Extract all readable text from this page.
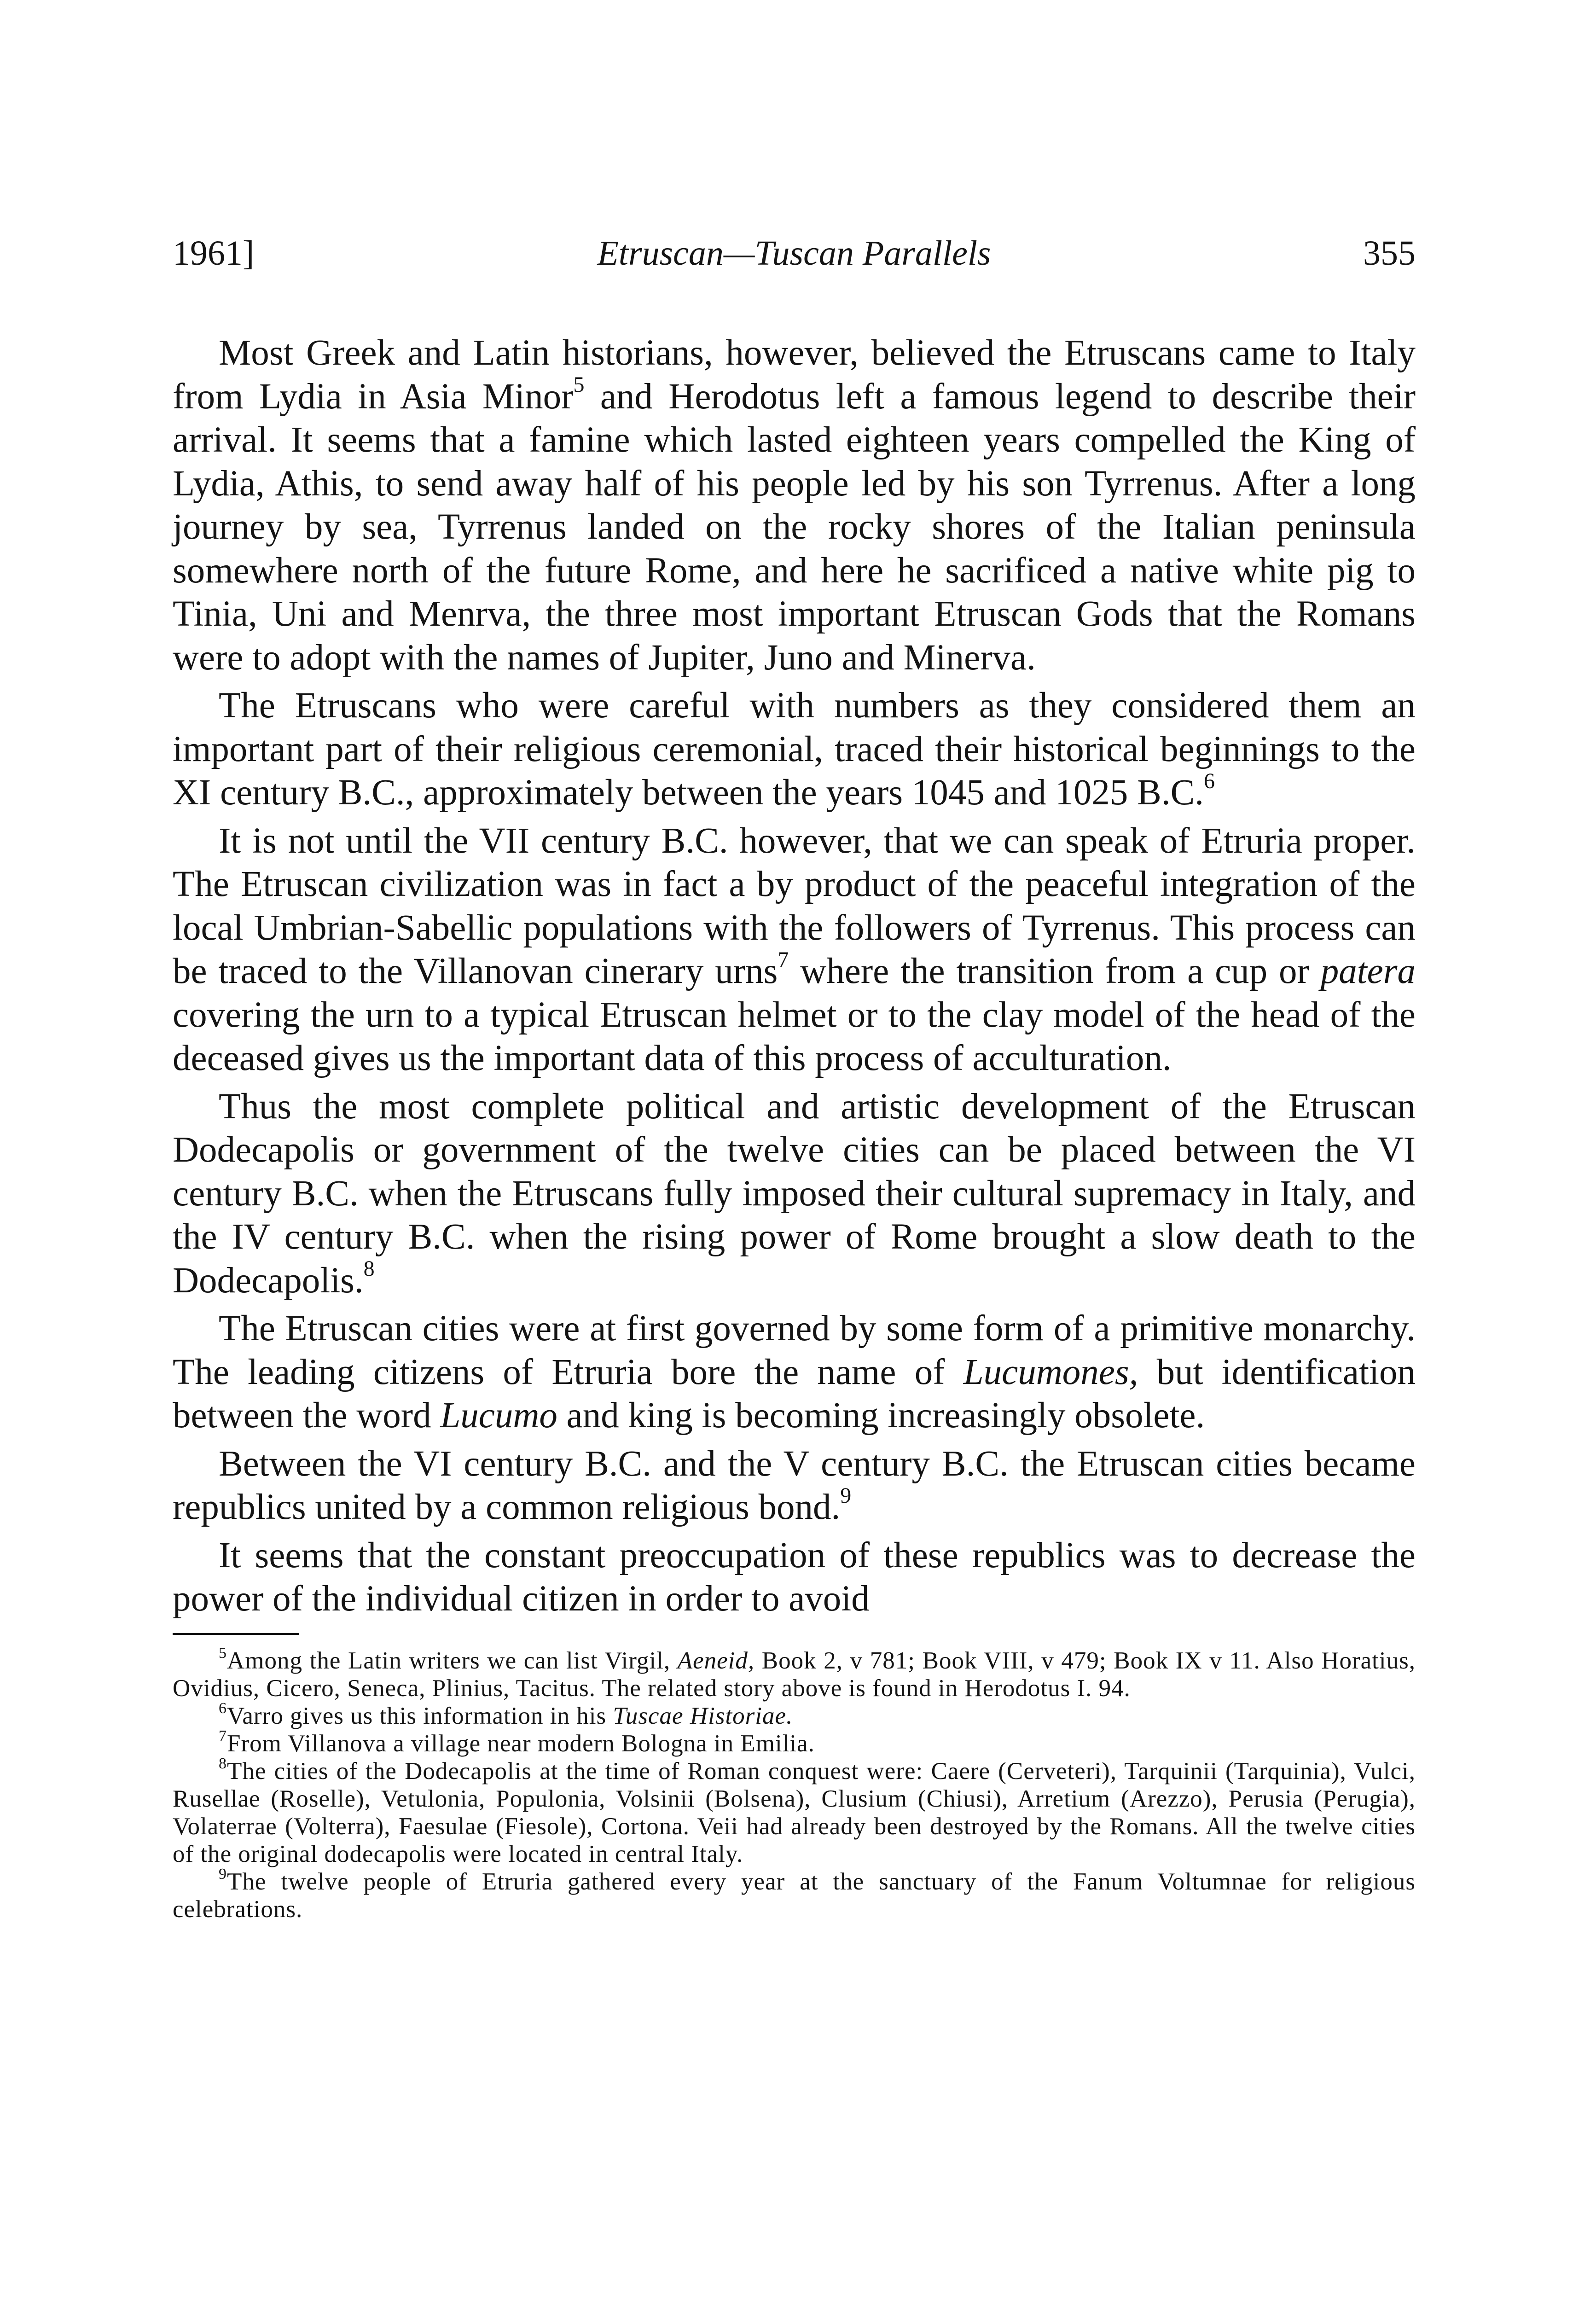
1961]	Etruscan—Tuscan Parallels	355

Most Greek and Latin historians, however, believed the Etruscans came to Italy from Lydia in Asia Minor$^5$ and Herodotus left a famous legend to describe their arrival. It seems that a famine which lasted eighteen years compelled the King of Lydia, Athis, to send away half of his people led by his son Tyrrenus. After a long journey by sea, Tyrrenus landed on the rocky shores of the Italian peninsula somewhere north of the future Rome, and here he sacrificed a native white pig to Tinia, Uni and Menrva, the three most important Etruscan Gods that the Romans were to adopt with the names of Jupiter, Juno and Minerva.

The Etruscans who were careful with numbers as they considered them an important part of their religious ceremonial, traced their historical beginnings to the XI century B.C., approximately between the years 1045 and 1025 B.C.$^6$

It is not until the VII century B.C. however, that we can speak of Etruria proper. The Etruscan civilization was in fact a by product of the peaceful integration of the local Umbrian-Sabellic populations with the followers of Tyrrenus. This process can be traced to the Villanovan cinerary urns$^7$ where the transition from a cup or patera covering the urn to a typical Etruscan helmet or to the clay model of the head of the deceased gives us the important data of this process of acculturation.

Thus the most complete political and artistic development of the Etruscan Dodecapolis or government of the twelve cities can be placed between the VI century B.C. when the Etruscans fully imposed their cultural supremacy in Italy, and the IV century B.C. when the rising power of Rome brought a slow death to the Dodecapolis.$^8$

The Etruscan cities were at first governed by some form of a primitive monarchy. The leading citizens of Etruria bore the name of Lucumones, but identification between the word Lucumo and king is becoming increasingly obsolete.

Between the VI century B.C. and the V century B.C. the Etruscan cities became republics united by a common religious bond.$^9$

It seems that the constant preoccupation of these republics was to decrease the power of the individual citizen in order to avoid

$^5$Among the Latin writers we can list Virgil, Aeneid, Book 2, v 781; Book VIII, v 479; Book IX v 11. Also Horatius, Ovidius, Cicero, Seneca, Plinius, Tacitus. The related story above is found in Herodotus I. 94.

$^6$Varro gives us this information in his Tuscae Historiae.

$^7$From Villanova a village near modern Bologna in Emilia.

$^8$The cities of the Dodecapolis at the time of Roman conquest were: Caere (Cerveteri), Tarquinii (Tarquinia), Vulci, Rusellae (Roselle), Vetulonia, Populonia, Volsinii (Bolsena), Clusium (Chiusi), Arretium (Arezzo), Perusia (Perugia), Volaterrae (Volterra), Faesulae (Fiesole), Cortona. Veii had already been destroyed by the Romans. All the twelve cities of the original dodecapolis were located in central Italy.

$^9$The twelve people of Etruria gathered every year at the sanctuary of the Fanum Voltumnae for religious celebrations.
